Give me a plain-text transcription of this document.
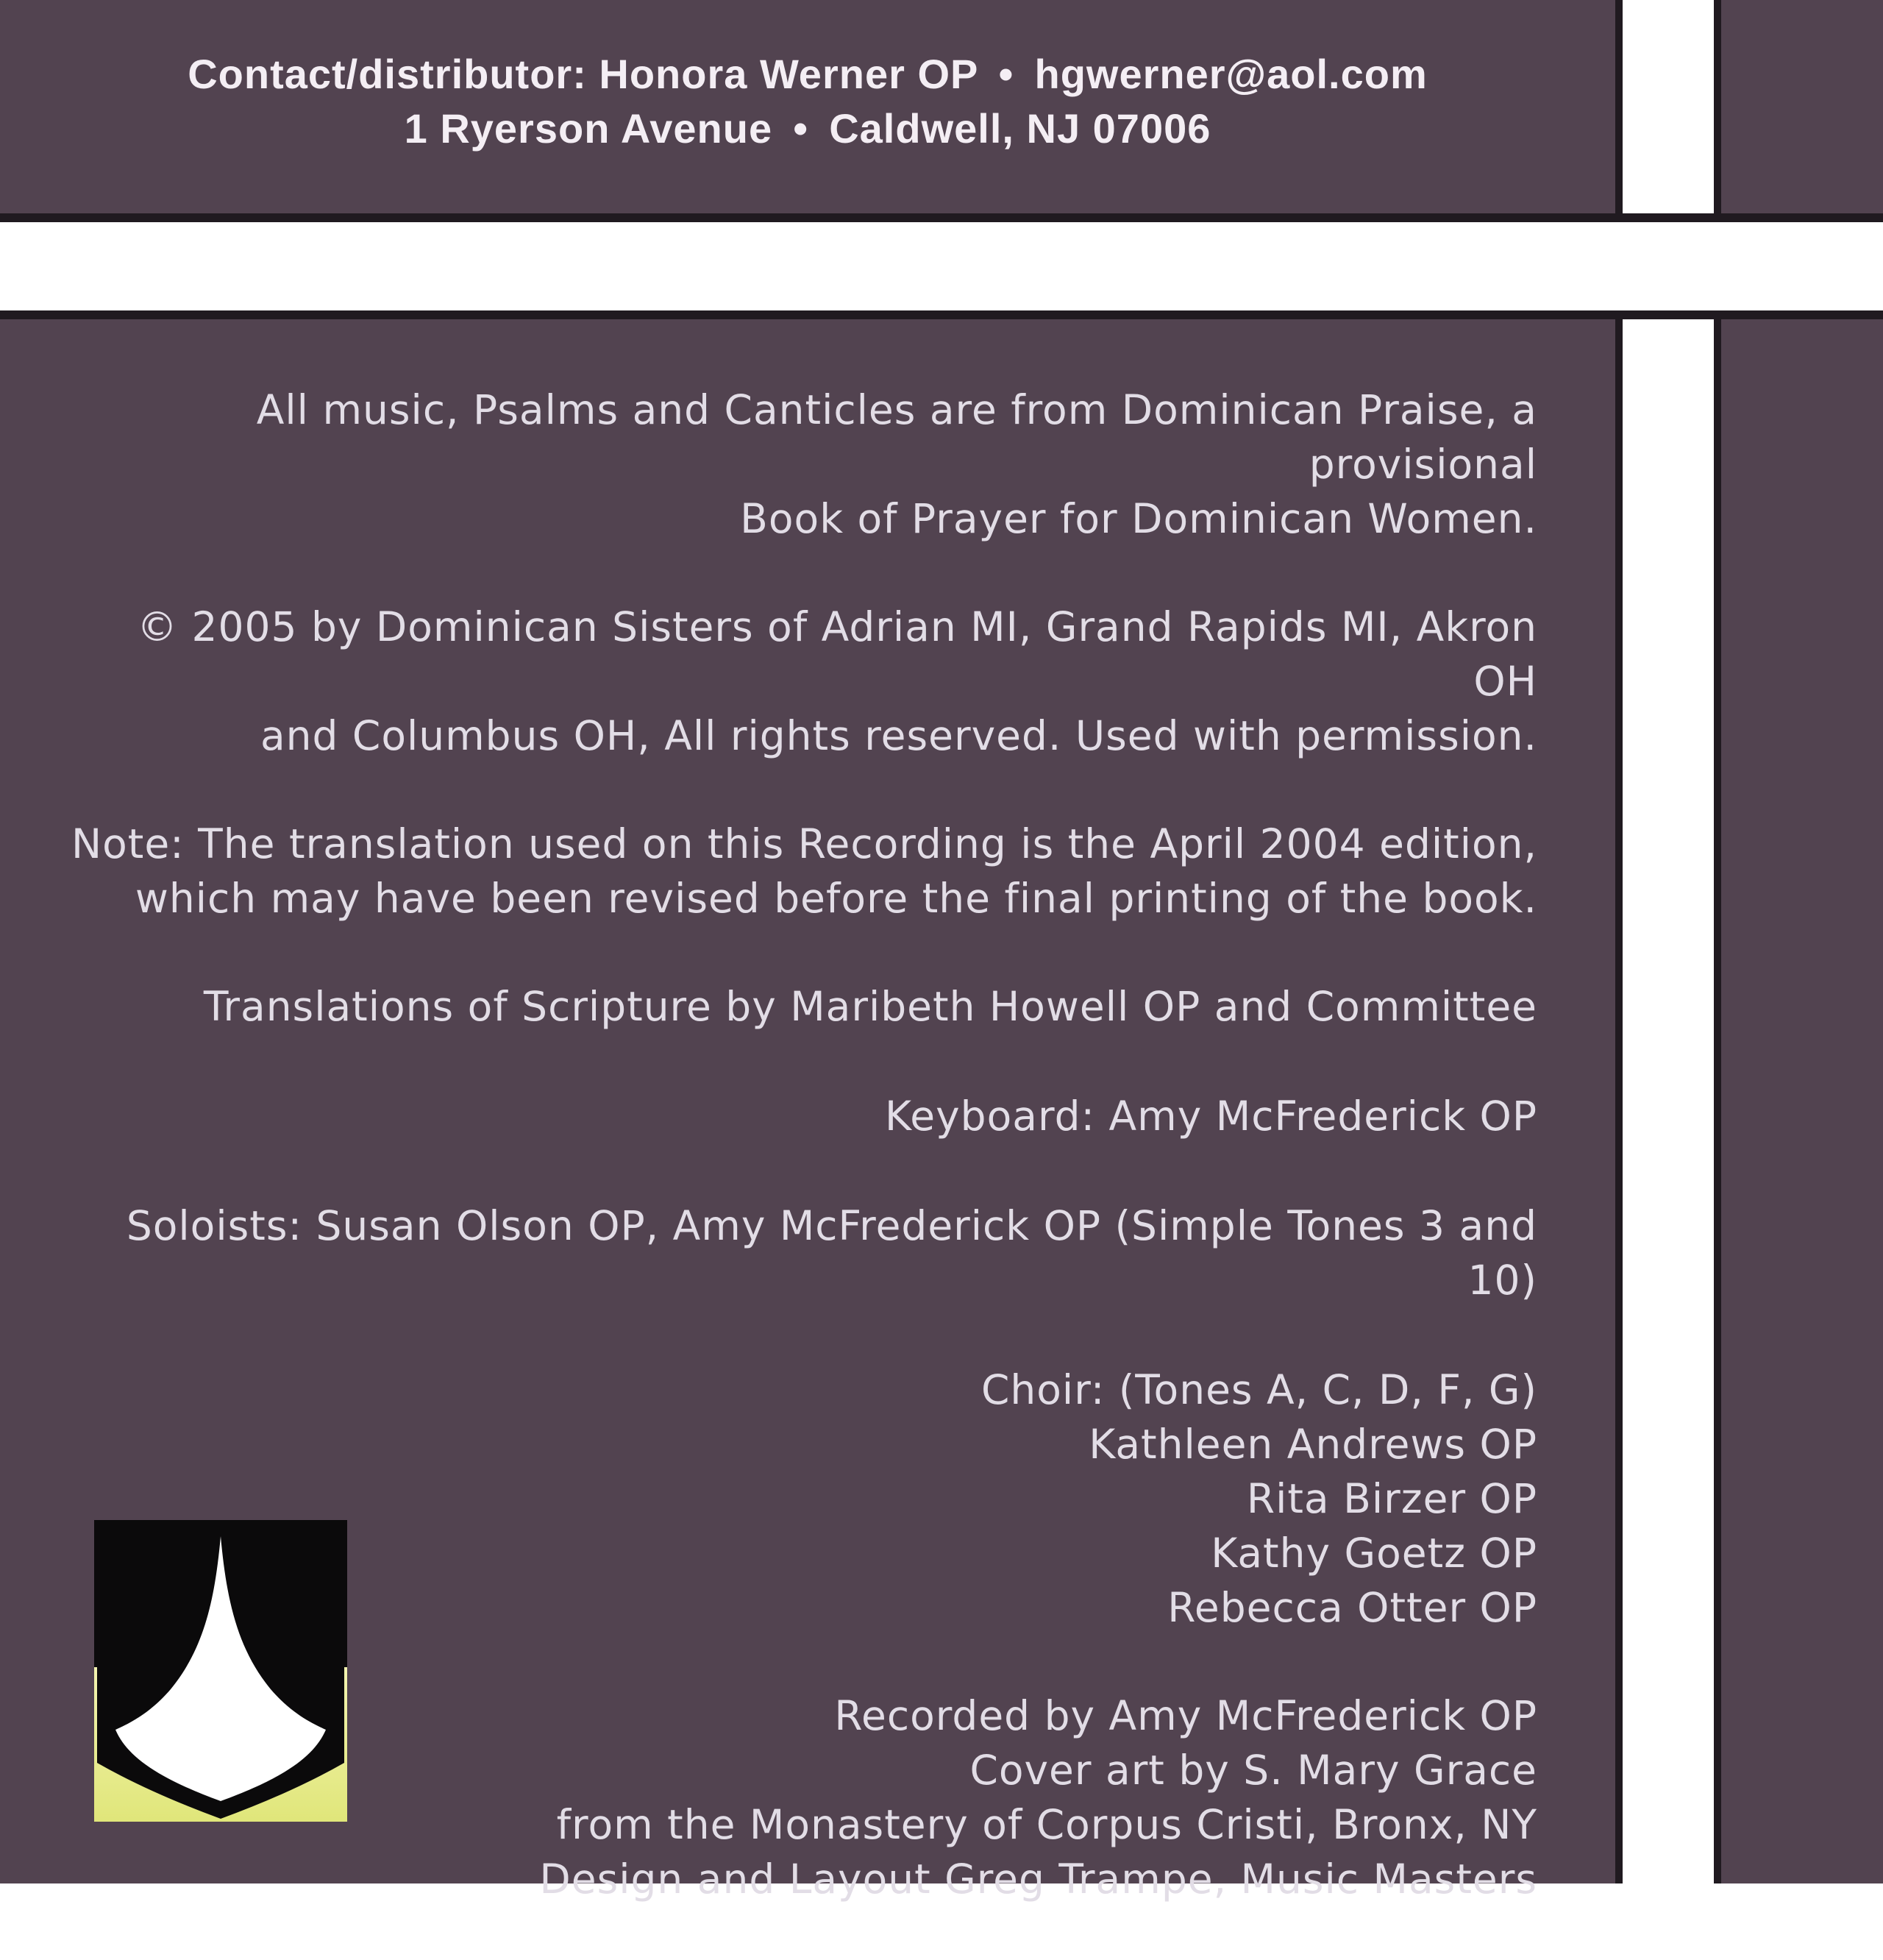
Contact/distributor: Honora Werner OP • hgwerner@aol.com
1 Ryerson Avenue • Caldwell, NJ 07006

All music, Psalms and Canticles are from Dominican Praise, a provisional
Book of Prayer for Dominican Women.

© 2005 by Dominican Sisters of Adrian MI, Grand Rapids MI, Akron OH
and Columbus OH, All rights reserved. Used with permission.

Note: The translation used on this Recording is the April 2004 edition,
which may have been revised before the final printing of the book.

Translations of Scripture by Maribeth Howell OP and Committee

Keyboard: Amy McFrederick OP

Soloists: Susan Olson OP, Amy McFrederick OP (Simple Tones 3 and 10)

Choir: (Tones A, C, D, F, G)
Kathleen Andrews OP
Rita Birzer OP
Kathy Goetz OP
Rebecca Otter OP

Recorded by Amy McFrederick OP
Cover art by S. Mary Grace
from the Monastery of Corpus Cristi, Bronx, NY
Design and Layout Greg Trampe, Music Masters
